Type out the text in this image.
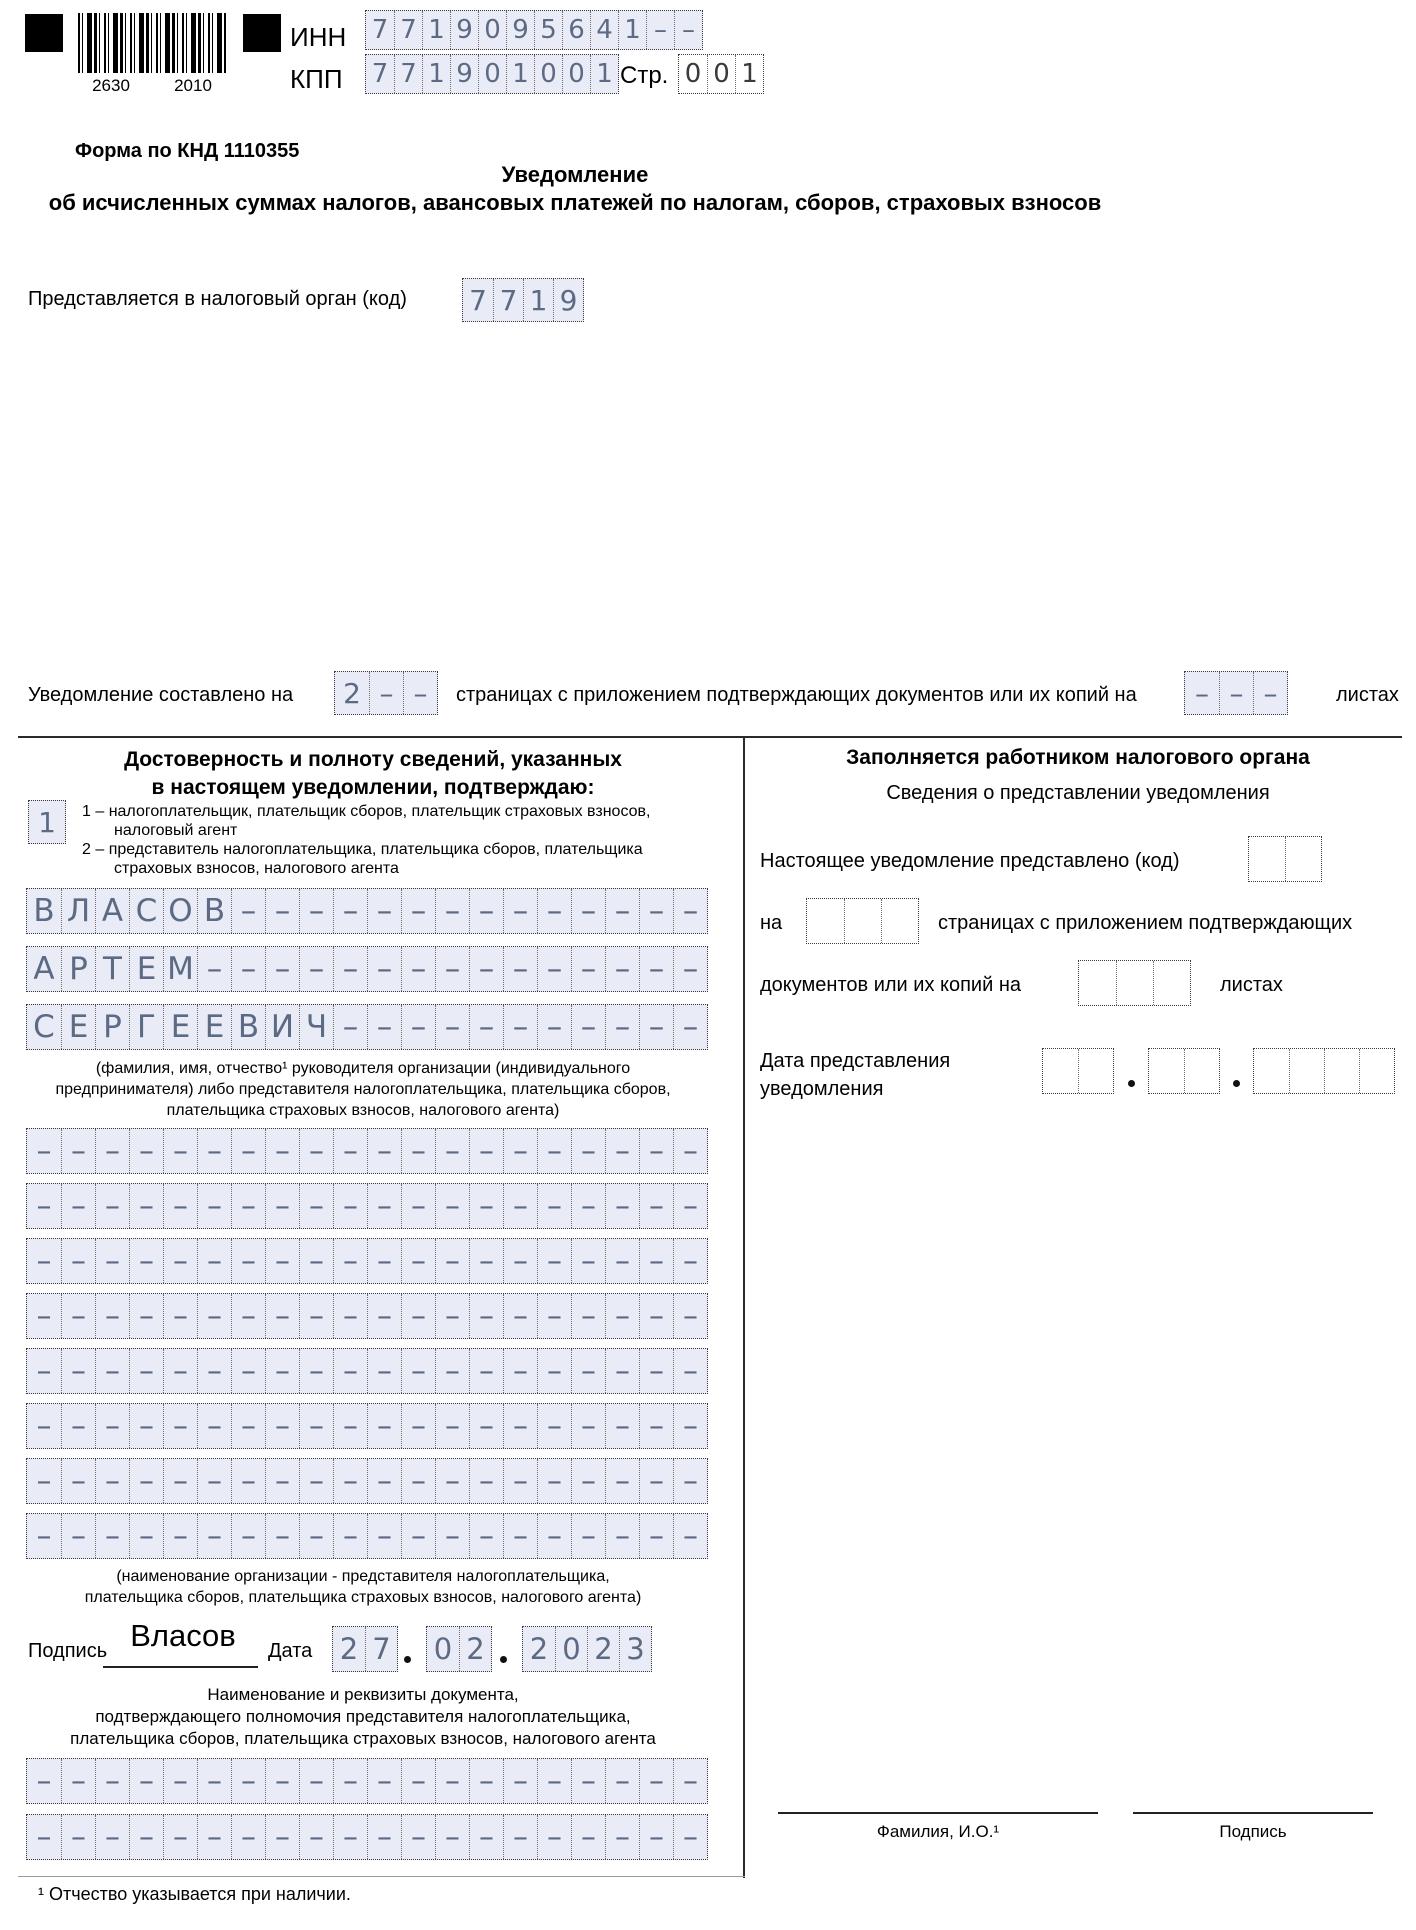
2630	2010
ИНН 7 7 1 9 0 9 5 6 4 1 – –
КПП 7 7 1 9 0 1 0 0 1 Стр. 0 0 1
Форма по КНД 1110355
Уведомление
об исчисленных суммах налогов, авансовых платежей по налогам, сборов, страховых взносов
Представляется в налоговый орган (код) 7 7 1 9
Уведомление составлено на 2 – –	страницах с приложением подтверждающих документов или их копий на	– – –	листах
Достоверность и полноту сведений, указанных
в настоящем уведомлении, подтверждаю:
1	1 – налогоплательщик, плательщик сборов, плательщик страховых взносов,
налоговый агент
2 – представитель налогоплательщика, плательщика сборов, плательщика
страховых взносов, налогового агента
В Л А С О В – – – – – – – – – – – – – –
А Р Т Е М – – – – – – – – – – – – – – –
С Е Р Г Е Е В И Ч – – – – – – – – – – –
(фамилия, имя, отчество¹ руководителя организации (индивидуального
предпринимателя) либо представителя налогоплательщика, плательщика сборов,
плательщика страховых взносов, налогового агента)
– – – – – – – – – – – – – – – – – – – –
– – – – – – – – – – – – – – – – – – – –
– – – – – – – – – – – – – – – – – – – –
– – – – – – – – – – – – – – – – – – – –
– – – – – – – – – – – – – – – – – – – –
– – – – – – – – – – – – – – – – – – – –
– – – – – – – – – – – – – – – – – – – –
– – – – – – – – – – – – – – – – – – – –
(наименование организации - представителя налогоплательщика,
плательщика сборов, плательщика страховых взносов, налогового агента)
Подпись Власов	Дата 2 7 0 2 2 0 2 3
Наименование и реквизиты документа,
подтверждающего полномочия представителя налогоплательщика,
плательщика сборов, плательщика страховых взносов, налогового агента
– – – – – – – – – – – – – – – – – – – –
– – – – – – – – – – – – – – – – – – – –
Заполняется работником налогового органа
Сведения о представлении уведомления
Настоящее уведомление представлено (код)
на	страницах с приложением подтверждающих
документов или их копий на	листах
Дата представления
уведомления
Фамилия, И.О.¹	Подпись
¹ Отчество указывается при наличии.
